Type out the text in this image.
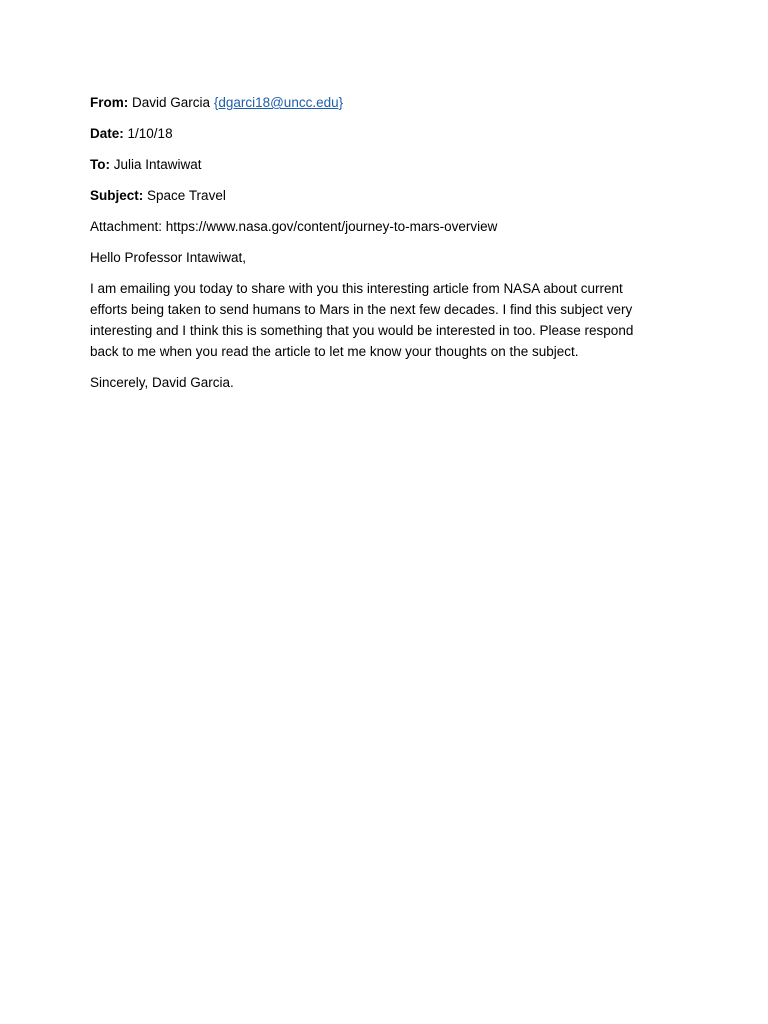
From: David Garcia {dgarci18@uncc.edu}
Date: 1/10/18
To: Julia Intawiwat
Subject: Space Travel
Attachment: https://www.nasa.gov/content/journey-to-mars-overview
Hello Professor Intawiwat,
I am emailing you today to share with you this interesting article from NASA about current
efforts being taken to send humans to Mars in the next few decades. I find this subject very
interesting and I think this is something that you would be interested in too. Please respond
back to me when you read the article to let me know your thoughts on the subject.
Sincerely, David Garcia.
